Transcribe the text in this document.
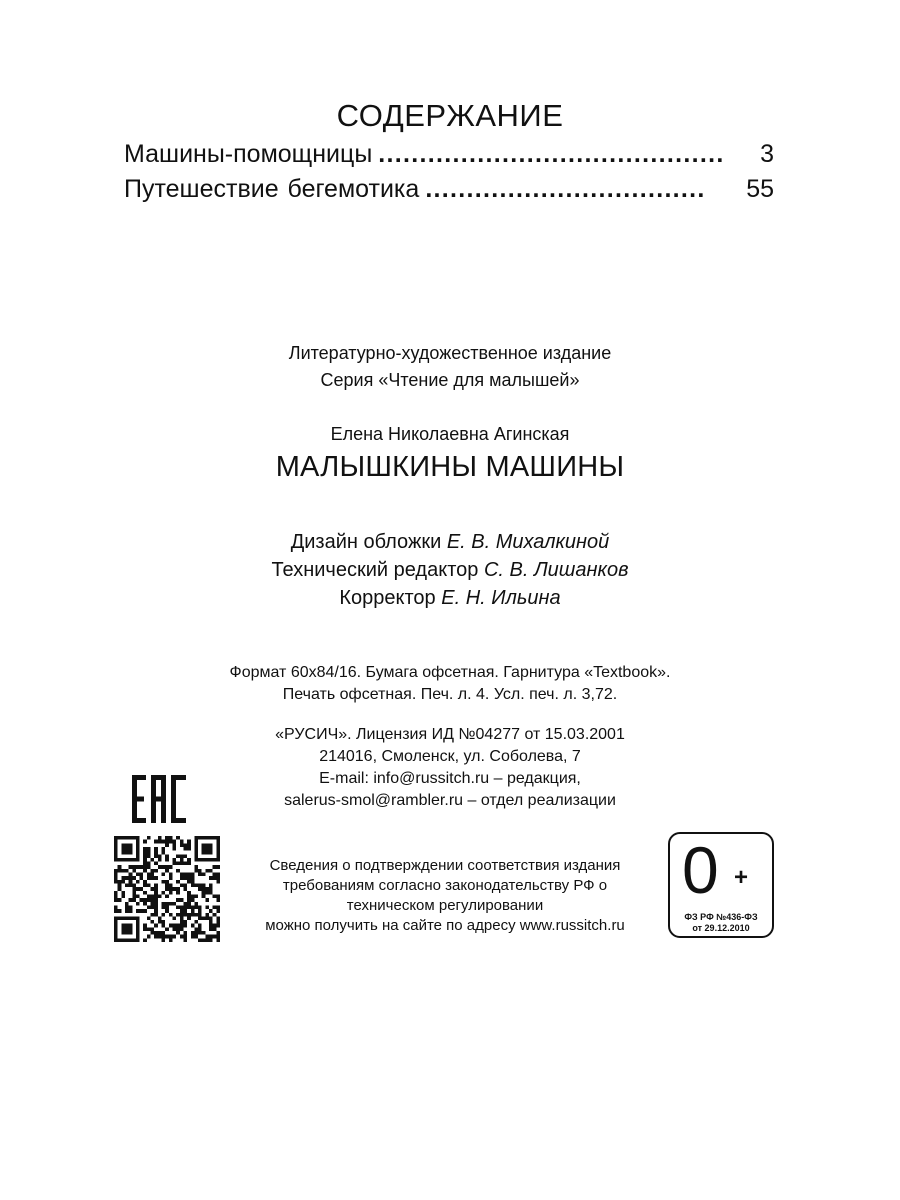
СОДЕРЖАНИЕ
Машины-помощницы ..........................................	3
Путешествие бегемотика ..................................	55
Литературно-художественное издание
Серия «Чтение для малышей»
Елена Николаевна Агинская
МАЛЫШКИНЫ МАШИНЫ
Дизайн обложки Е. В. Михалкиной
Технический редактор С. В. Лишанков
Корректор Е. Н. Ильина
Формат 60х84/16. Бумага офсетная. Гарнитура «Textbook».
Печать офсетная. Печ. л. 4. Усл. печ. л. 3,72.
«РУСИЧ». Лицензия ИД №04277 от 15.03.2001
214016, Смоленск, ул. Соболева, 7
E-mail: info@russitch.ru – редакция,
salerus-smol@rambler.ru – отдел реализации
Сведения о подтверждении соответствия издания
требованиям согласно законодательству РФ о
техническом регулировании
можно получить на сайте по адресу www.russitch.ru
0 +
ФЗ РФ №436-ФЗ
от 29.12.2010
